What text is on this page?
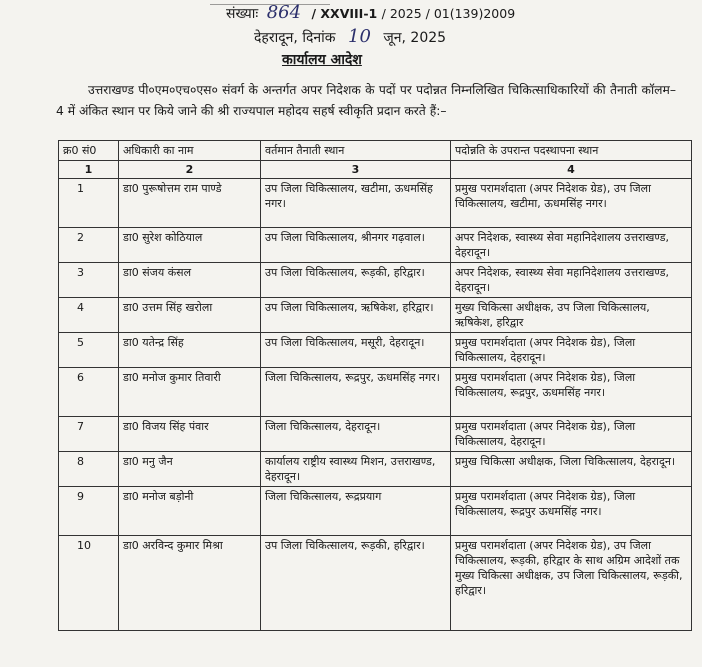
संख्याः 864 / XXVIII-1 / 2025 / 01(139)2009
देहरादून, दिनांक 10 जून, 2025
कार्यालय आदेश

उत्तराखण्ड पी०एम०एच०एस० संवर्ग के अन्तर्गत अपर निदेशक के पदों पर पदोन्नत निम्नलिखित चिकित्साधिकारियों की तैनाती कॉलम–4 में अंकित स्थान पर किये जाने की श्री राज्यपाल महोदय सहर्ष स्वीकृति प्रदान करते हैं:–

क्र0 सं0	अधिकारी का नाम	वर्तमान तैनाती स्थान	पदोन्नति के उपरान्त पदस्थापना स्थान
1	2	3	4
1	डा0 पुरूषोत्तम राम पाण्डे	उप जिला चिकित्सालय, खटीमा, ऊधमसिंह नगर।	प्रमुख परामर्शदाता (अपर निदेशक ग्रेड), उप जिला चिकित्सालय, खटीमा, ऊधमसिंह नगर।
2	डा0 सुरेश कोठियाल	उप जिला चिकित्सालय, श्रीनगर गढ़वाल।	अपर निदेशक, स्वास्थ्य सेवा महानिदेशालय उत्तराखण्ड, देहरादून।
3	डा0 संजय कंसल	उप जिला चिकित्सालय, रूड़की, हरिद्वार।	अपर निदेशक, स्वास्थ्य सेवा महानिदेशालय उत्तराखण्ड, देहरादून।
4	डा0 उत्तम सिंह खरोला	उप जिला चिकित्सालय, ऋषिकेश, हरिद्वार।	मुख्य चिकित्सा अधीक्षक, उप जिला चिकित्सालय, ऋषिकेश, हरिद्वार
5	डा0 यतेन्द्र सिंह	उप जिला चिकित्सालय, मसूरी, देहरादून।	प्रमुख परामर्शदाता (अपर निदेशक ग्रेड), जिला चिकित्सालय, देहरादून।
6	डा0 मनोज कुमार तिवारी	जिला चिकित्सालय, रूद्रपुर, ऊधमसिंह नगर।	प्रमुख परामर्शदाता (अपर निदेशक ग्रेड), जिला चिकित्सालय, रूद्रपुर, ऊधमसिंह नगर।
7	डा0 विजय सिंह पंवार	जिला चिकित्सालय, देहरादून।	प्रमुख परामर्शदाता (अपर निदेशक ग्रेड), जिला चिकित्सालय, देहरादून।
8	डा0 मनु जैन	कार्यालय राष्ट्रीय स्वास्थ्य मिशन, उत्तराखण्ड, देहरादून।	प्रमुख चिकित्सा अधीक्षक, जिला चिकित्सालय, देहरादून।
9	डा0 मनोज बड़ोनी	जिला चिकित्सालय, रूद्रप्रयाग	प्रमुख परामर्शदाता (अपर निदेशक ग्रेड), जिला चिकित्सालय, रूद्रपुर ऊधमसिंह नगर।
10	डा0 अरविन्द कुमार मिश्रा	उप जिला चिकित्सालय, रूड़की, हरिद्वार।	प्रमुख परामर्शदाता (अपर निदेशक ग्रेड), उप जिला चिकित्सालय, रूड़की, हरिद्वार के साथ अग्रिम आदेशों तक मुख्य चिकित्सा अधीक्षक, उप जिला चिकित्सालय, रूड़की, हरिद्वार।
